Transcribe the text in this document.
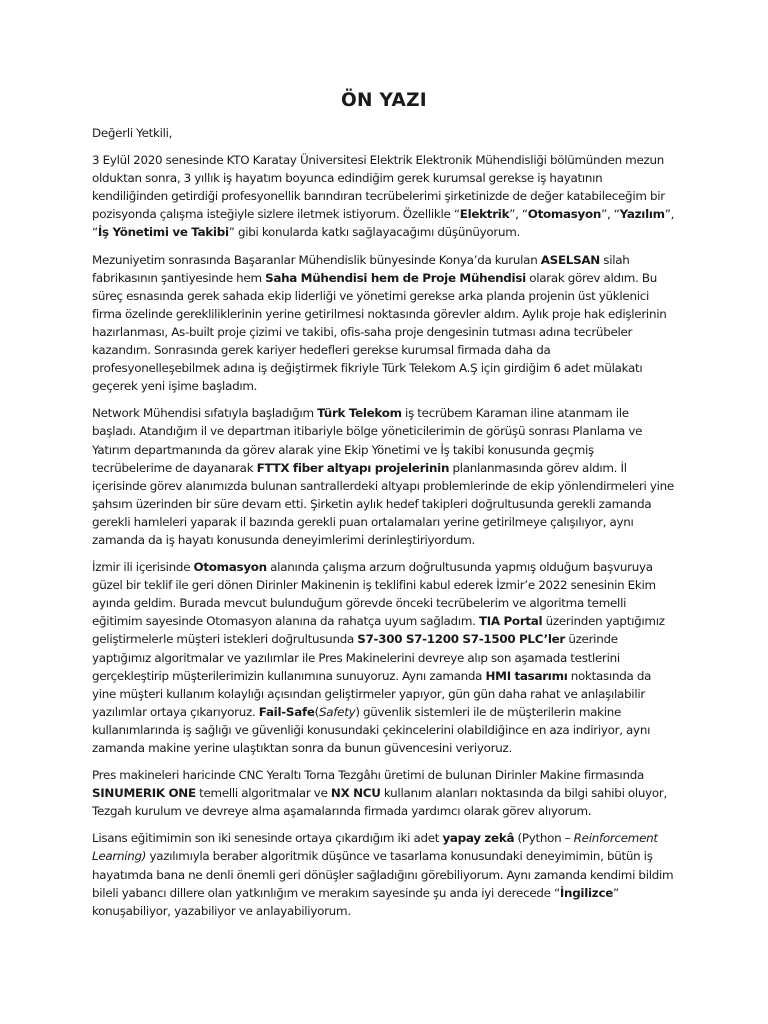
ÖN YAZI

Değerli Yetkili,

3 Eylül 2020 senesinde KTO Karatay Üniversitesi Elektrik Elektronik Mühendisliği bölümünden mezun olduktan sonra, 3 yıllık iş hayatım boyunca edindiğim gerek kurumsal gerekse iş hayatının kendiliğinden getirdiği profesyonellik barındıran tecrübelerimi şirketinizde de değer katabileceğim bir pozisyonda çalışma isteğiyle sizlere iletmek istiyorum. Özellikle “Elektrik”, “Otomasyon”, “Yazılım”, “İş Yönetimi ve Takibi” gibi konularda katkı sağlayacağımı düşünüyorum.

Mezuniyetim sonrasında Başaranlar Mühendislik bünyesinde Konya’da kurulan ASELSAN silah fabrikasının şantiyesinde hem Saha Mühendisi hem de Proje Mühendisi olarak görev aldım. Bu süreç esnasında gerek sahada ekip liderliği ve yönetimi gerekse arka planda projenin üst yüklenici firma özelinde gerekliliklerinin yerine getirilmesi noktasında görevler aldım. Aylık proje hak edişlerinin hazırlanması, As-built proje çizimi ve takibi, ofis-saha proje dengesinin tutması adına tecrübeler kazandım. Sonrasında gerek kariyer hedefleri gerekse kurumsal firmada daha da profesyonelleşebilmek adına iş değiştirmek fikriyle Türk Telekom A.Ş için girdiğim 6 adet mülakatı geçerek yeni işime başladım.

Network Mühendisi sıfatıyla başladığım Türk Telekom iş tecrübem Karaman iline atanmam ile başladı. Atandığım il ve departman itibariyle bölge yöneticilerimin de görüşü sonrası Planlama ve Yatırım departmanında da görev alarak yine Ekip Yönetimi ve İş takibi konusunda geçmiş tecrübelerime de dayanarak FTTX fiber altyapı projelerinin planlanmasında görev aldım. İl içerisinde görev alanımızda bulunan santrallerdeki altyapı problemlerinde de ekip yönlendirmeleri yine şahsım üzerinden bir süre devam etti. Şirketin aylık hedef takipleri doğrultusunda gerekli zamanda gerekli hamleleri yaparak il bazında gerekli puan ortalamaları yerine getirilmeye çalışılıyor, aynı zamanda da iş hayatı konusunda deneyimlerimi derinleştiriyordum.

İzmir ili içerisinde Otomasyon alanında çalışma arzum doğrultusunda yapmış olduğum başvuruya güzel bir teklif ile geri dönen Dirinler Makinenin iş teklifini kabul ederek İzmir’e 2022 senesinin Ekim ayında geldim. Burada mevcut bulunduğum görevde önceki tecrübelerim ve algoritma temelli eğitimim sayesinde Otomasyon alanına da rahatça uyum sağladım. TIA Portal üzerinden yaptığımız geliştirmelerle müşteri istekleri doğrultusunda S7-300 S7-1200 S7-1500 PLC’ler üzerinde yaptığımız algoritmalar ve yazılımlar ile Pres Makinelerini devreye alıp son aşamada testlerini gerçekleştirip müşterilerimizin kullanımına sunuyoruz. Aynı zamanda HMI tasarımı noktasında da yine müşteri kullanım kolaylığı açısından geliştirmeler yapıyor, gün gün daha rahat ve anlaşılabilir yazılımlar ortaya çıkarıyoruz. Fail-Safe(Safety) güvenlik sistemleri ile de müşterilerin makine kullanımlarında iş sağlığı ve güvenliği konusundaki çekincelerini olabildiğince en aza indiriyor, aynı zamanda makine yerine ulaştıktan sonra da bunun güvencesini veriyoruz.

Pres makineleri haricinde CNC Yeraltı Torna Tezgâhı üretimi de bulunan Dirinler Makine firmasında SINUMERIK ONE temelli algoritmalar ve NX NCU kullanım alanları noktasında da bilgi sahibi oluyor, Tezgah kurulum ve devreye alma aşamalarında firmada yardımcı olarak görev alıyorum.

Lisans eğitimimin son iki senesinde ortaya çıkardığım iki adet yapay zekâ (Python – Reinforcement Learning) yazılımıyla beraber algoritmik düşünce ve tasarlama konusundaki deneyimimin, bütün iş hayatımda bana ne denli önemli geri dönüşler sağladığını görebiliyorum. Aynı zamanda kendimi bildim bileli yabancı dillere olan yatkınlığım ve merakım sayesinde şu anda iyi derecede “İngilizce” konuşabiliyor, yazabiliyor ve anlayabiliyorum.
